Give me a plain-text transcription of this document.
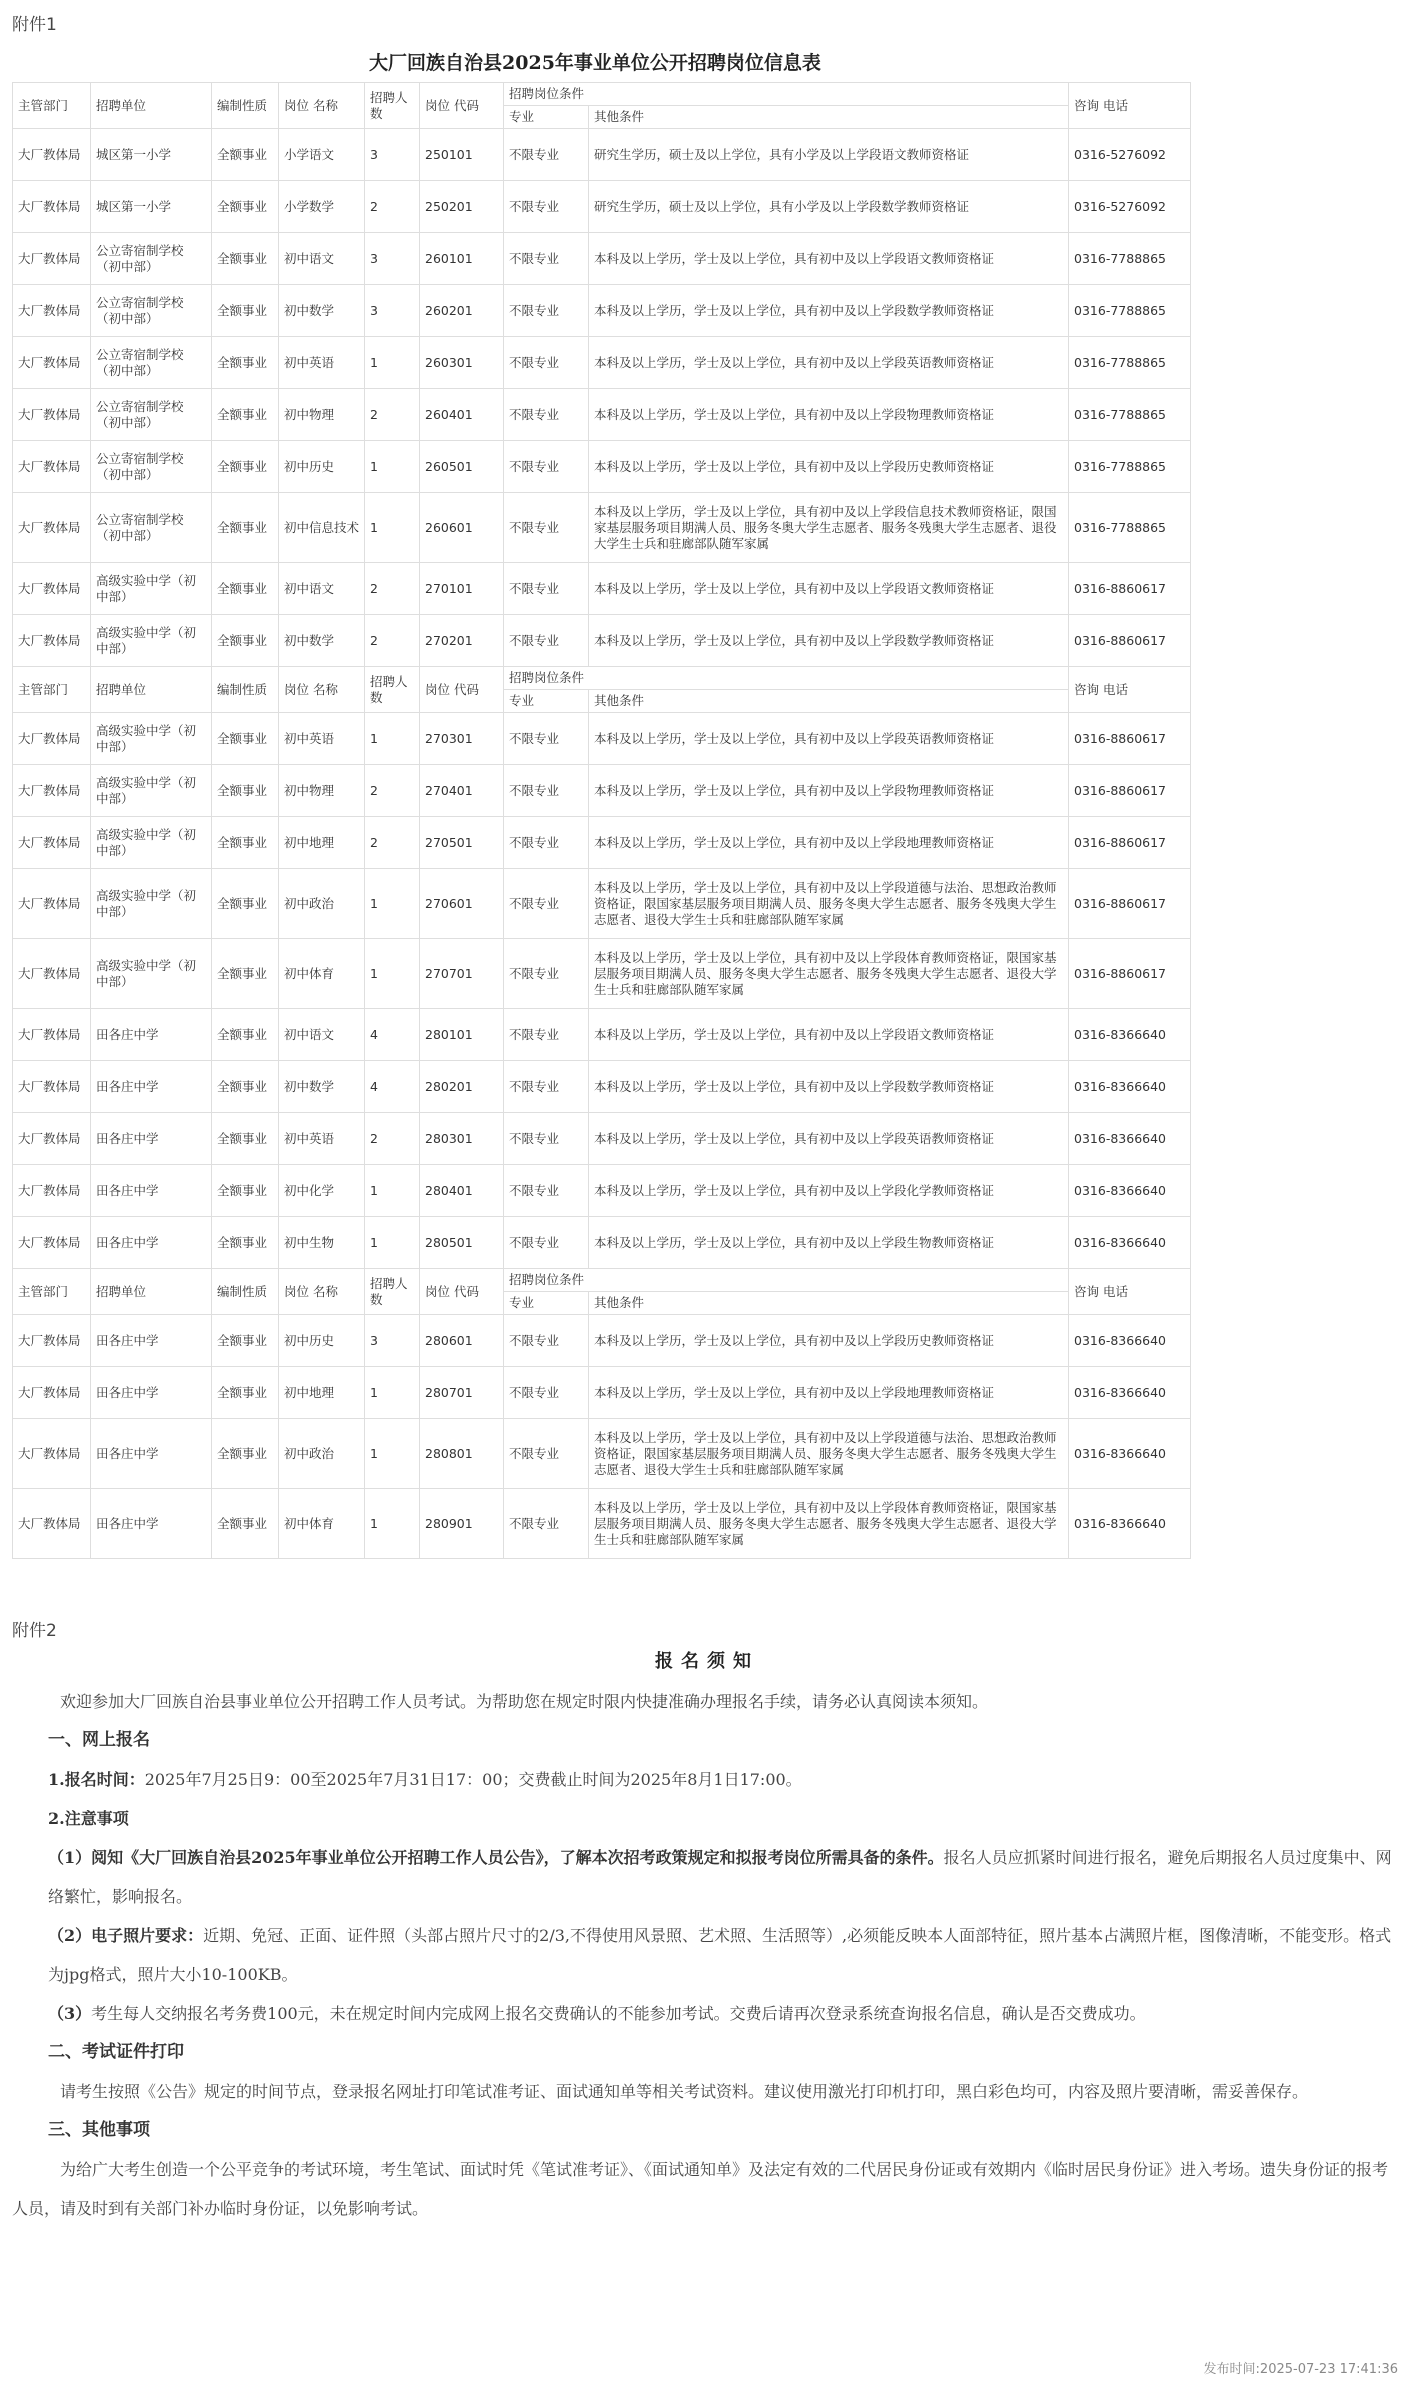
附件1
大厂回族自治县2025年事业单位公开招聘岗位信息表
主管部门	招聘单位	编制性质	岗位 名称	招聘人数	岗位 代码	招聘岗位条件		咨询 电话
						专业	其他条件	
大厂教体局	城区第一小学	全额事业	小学语文	3	250101	不限专业	研究生学历，硕士及以上学位，具有小学及以上学段语文教师资格证	0316-5276092
大厂教体局	城区第一小学	全额事业	小学数学	2	250201	不限专业	研究生学历，硕士及以上学位，具有小学及以上学段数学教师资格证	0316-5276092
大厂教体局	公立寄宿制学校（初中部）	全额事业	初中语文	3	260101	不限专业	本科及以上学历，学士及以上学位，具有初中及以上学段语文教师资格证	0316-7788865
大厂教体局	公立寄宿制学校（初中部）	全额事业	初中数学	3	260201	不限专业	本科及以上学历，学士及以上学位，具有初中及以上学段数学教师资格证	0316-7788865
大厂教体局	公立寄宿制学校（初中部）	全额事业	初中英语	1	260301	不限专业	本科及以上学历，学士及以上学位，具有初中及以上学段英语教师资格证	0316-7788865
大厂教体局	公立寄宿制学校（初中部）	全额事业	初中物理	2	260401	不限专业	本科及以上学历，学士及以上学位，具有初中及以上学段物理教师资格证	0316-7788865
大厂教体局	公立寄宿制学校（初中部）	全额事业	初中历史	1	260501	不限专业	本科及以上学历，学士及以上学位，具有初中及以上学段历史教师资格证	0316-7788865
大厂教体局	公立寄宿制学校（初中部）	全额事业	初中信息技术	1	260601	不限专业	本科及以上学历，学士及以上学位，具有初中及以上学段信息技术教师资格证，限国家基层服务项目期满人员、服务冬奥大学生志愿者、服务冬残奥大学生志愿者、退役大学生士兵和驻廊部队随军家属	0316-7788865
大厂教体局	高级实验中学（初中部）	全额事业	初中语文	2	270101	不限专业	本科及以上学历，学士及以上学位，具有初中及以上学段语文教师资格证	0316-8860617
大厂教体局	高级实验中学（初中部）	全额事业	初中数学	2	270201	不限专业	本科及以上学历，学士及以上学位，具有初中及以上学段数学教师资格证	0316-8860617
主管部门	招聘单位	编制性质	岗位 名称	招聘人数	岗位 代码	招聘岗位条件		咨询 电话
						专业	其他条件	
大厂教体局	高级实验中学（初中部）	全额事业	初中英语	1	270301	不限专业	本科及以上学历，学士及以上学位，具有初中及以上学段英语教师资格证	0316-8860617
大厂教体局	高级实验中学（初中部）	全额事业	初中物理	2	270401	不限专业	本科及以上学历，学士及以上学位，具有初中及以上学段物理教师资格证	0316-8860617
大厂教体局	高级实验中学（初中部）	全额事业	初中地理	2	270501	不限专业	本科及以上学历，学士及以上学位，具有初中及以上学段地理教师资格证	0316-8860617
大厂教体局	高级实验中学（初中部）	全额事业	初中政治	1	270601	不限专业	本科及以上学历，学士及以上学位，具有初中及以上学段道德与法治、思想政治教师资格证，限国家基层服务项目期满人员、服务冬奥大学生志愿者、服务冬残奥大学生志愿者、退役大学生士兵和驻廊部队随军家属	0316-8860617
大厂教体局	高级实验中学（初中部）	全额事业	初中体育	1	270701	不限专业	本科及以上学历，学士及以上学位，具有初中及以上学段体育教师资格证，限国家基层服务项目期满人员、服务冬奥大学生志愿者、服务冬残奥大学生志愿者、退役大学生士兵和驻廊部队随军家属	0316-8860617
大厂教体局	田各庄中学	全额事业	初中语文	4	280101	不限专业	本科及以上学历，学士及以上学位，具有初中及以上学段语文教师资格证	0316-8366640
大厂教体局	田各庄中学	全额事业	初中数学	4	280201	不限专业	本科及以上学历，学士及以上学位，具有初中及以上学段数学教师资格证	0316-8366640
大厂教体局	田各庄中学	全额事业	初中英语	2	280301	不限专业	本科及以上学历，学士及以上学位，具有初中及以上学段英语教师资格证	0316-8366640
大厂教体局	田各庄中学	全额事业	初中化学	1	280401	不限专业	本科及以上学历，学士及以上学位，具有初中及以上学段化学教师资格证	0316-8366640
大厂教体局	田各庄中学	全额事业	初中生物	1	280501	不限专业	本科及以上学历，学士及以上学位，具有初中及以上学段生物教师资格证	0316-8366640
主管部门	招聘单位	编制性质	岗位 名称	招聘人数	岗位 代码	招聘岗位条件		咨询 电话
						专业	其他条件	
大厂教体局	田各庄中学	全额事业	初中历史	3	280601	不限专业	本科及以上学历，学士及以上学位，具有初中及以上学段历史教师资格证	0316-8366640
大厂教体局	田各庄中学	全额事业	初中地理	1	280701	不限专业	本科及以上学历，学士及以上学位，具有初中及以上学段地理教师资格证	0316-8366640
大厂教体局	田各庄中学	全额事业	初中政治	1	280801	不限专业	本科及以上学历，学士及以上学位，具有初中及以上学段道德与法治、思想政治教师资格证，限国家基层服务项目期满人员、服务冬奥大学生志愿者、服务冬残奥大学生志愿者、退役大学生士兵和驻廊部队随军家属	0316-8366640
大厂教体局	田各庄中学	全额事业	初中体育	1	280901	不限专业	本科及以上学历，学士及以上学位，具有初中及以上学段体育教师资格证，限国家基层服务项目期满人员、服务冬奥大学生志愿者、服务冬残奥大学生志愿者、退役大学生士兵和驻廊部队随军家属	0316-8366640
附件2
报名须知

欢迎参加大厂回族自治县事业单位公开招聘工作人员考试。为帮助您在规定时限内快捷准确办理报名手续，请务必认真阅读本须知。

一、网上报名

1.报名时间：2025年7月25日9：00至2025年7月31日17：00；交费截止时间为2025年8月1日17:00。

2.注意事项

（1）阅知《大厂回族自治县2025年事业单位公开招聘工作人员公告》，了解本次招考政策规定和拟报考岗位所需具备的条件。报名人员应抓紧时间进行报名，避免后期报名人员过度集中、网络繁忙，影响报名。

（2）电子照片要求：近期、免冠、正面、证件照（头部占照片尺寸的2/3,不得使用风景照、艺术照、生活照等）,必须能反映本人面部特征，照片基本占满照片框，图像清晰，不能变形。格式为jpg格式，照片大小10-100KB。

（3）考生每人交纳报名考务费100元，未在规定时间内完成网上报名交费确认的不能参加考试。交费后请再次登录系统查询报名信息，确认是否交费成功。

二、考试证件打印

请考生按照《公告》规定的时间节点，登录报名网址打印笔试准考证、面试通知单等相关考试资料。建议使用激光打印机打印，黑白彩色均可，内容及照片要清晰，需妥善保存。

三、其他事项

为给广大考生创造一个公平竞争的考试环境，考生笔试、面试时凭《笔试准考证》、《面试通知单》及法定有效的二代居民身份证或有效期内《临时居民身份证》进入考场。遗失身份证的报考人员，请及时到有关部门补办临时身份证，以免影响考试。

发布时间:2025-07-23 17:41:36
